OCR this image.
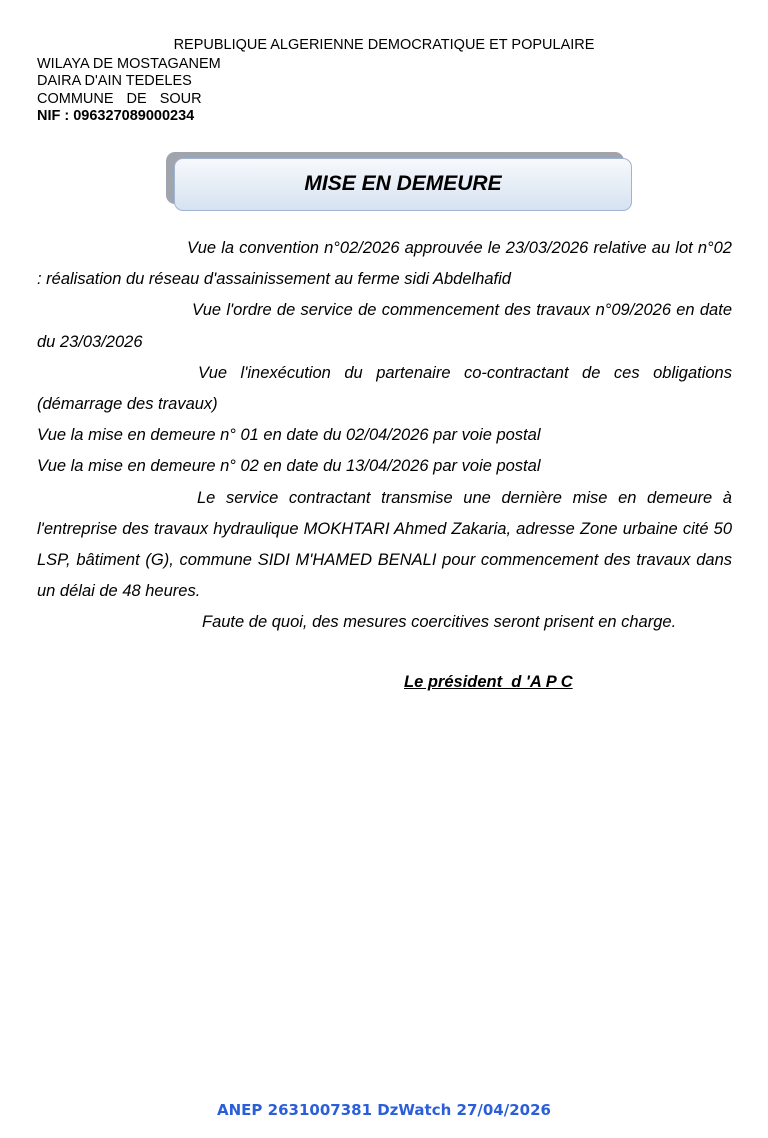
REPUBLIQUE ALGERIENNE DEMOCRATIQUE ET POPULAIRE
WILAYA DE MOSTAGANEM
DAIRA D'AIN TEDELES
COMMUNE DE SOUR
NIF : 096327089000234
MISE EN DEMEURE

Vue la convention n°02/2026 approuvée le 23/03/2026 relative au lot n°02 : réalisation du réseau d'assainissement au ferme sidi Abdelhafid

Vue l'ordre de service de commencement des travaux n°09/2026 en date du 23/03/2026

Vue l'inexécution du partenaire co-contractant de ces obligations (démarrage des travaux)

Vue la mise en demeure n° 01 en date du 02/04/2026 par voie postal

Vue la mise en demeure n° 02 en date du 13/04/2026 par voie postal

Le service contractant transmise une dernière mise en demeure à l'entreprise des travaux hydraulique MOKHTARI Ahmed Zakaria, adresse Zone urbaine cité 50 LSP, bâtiment (G), commune SIDI M'HAMED BENALI pour commencement des travaux dans un délai de 48 heures.

Faute de quoi, des mesures coercitives seront prisent en charge.

Le président  d 'A P C
ANEP 2631007381 DzWatch 27/04/2026
